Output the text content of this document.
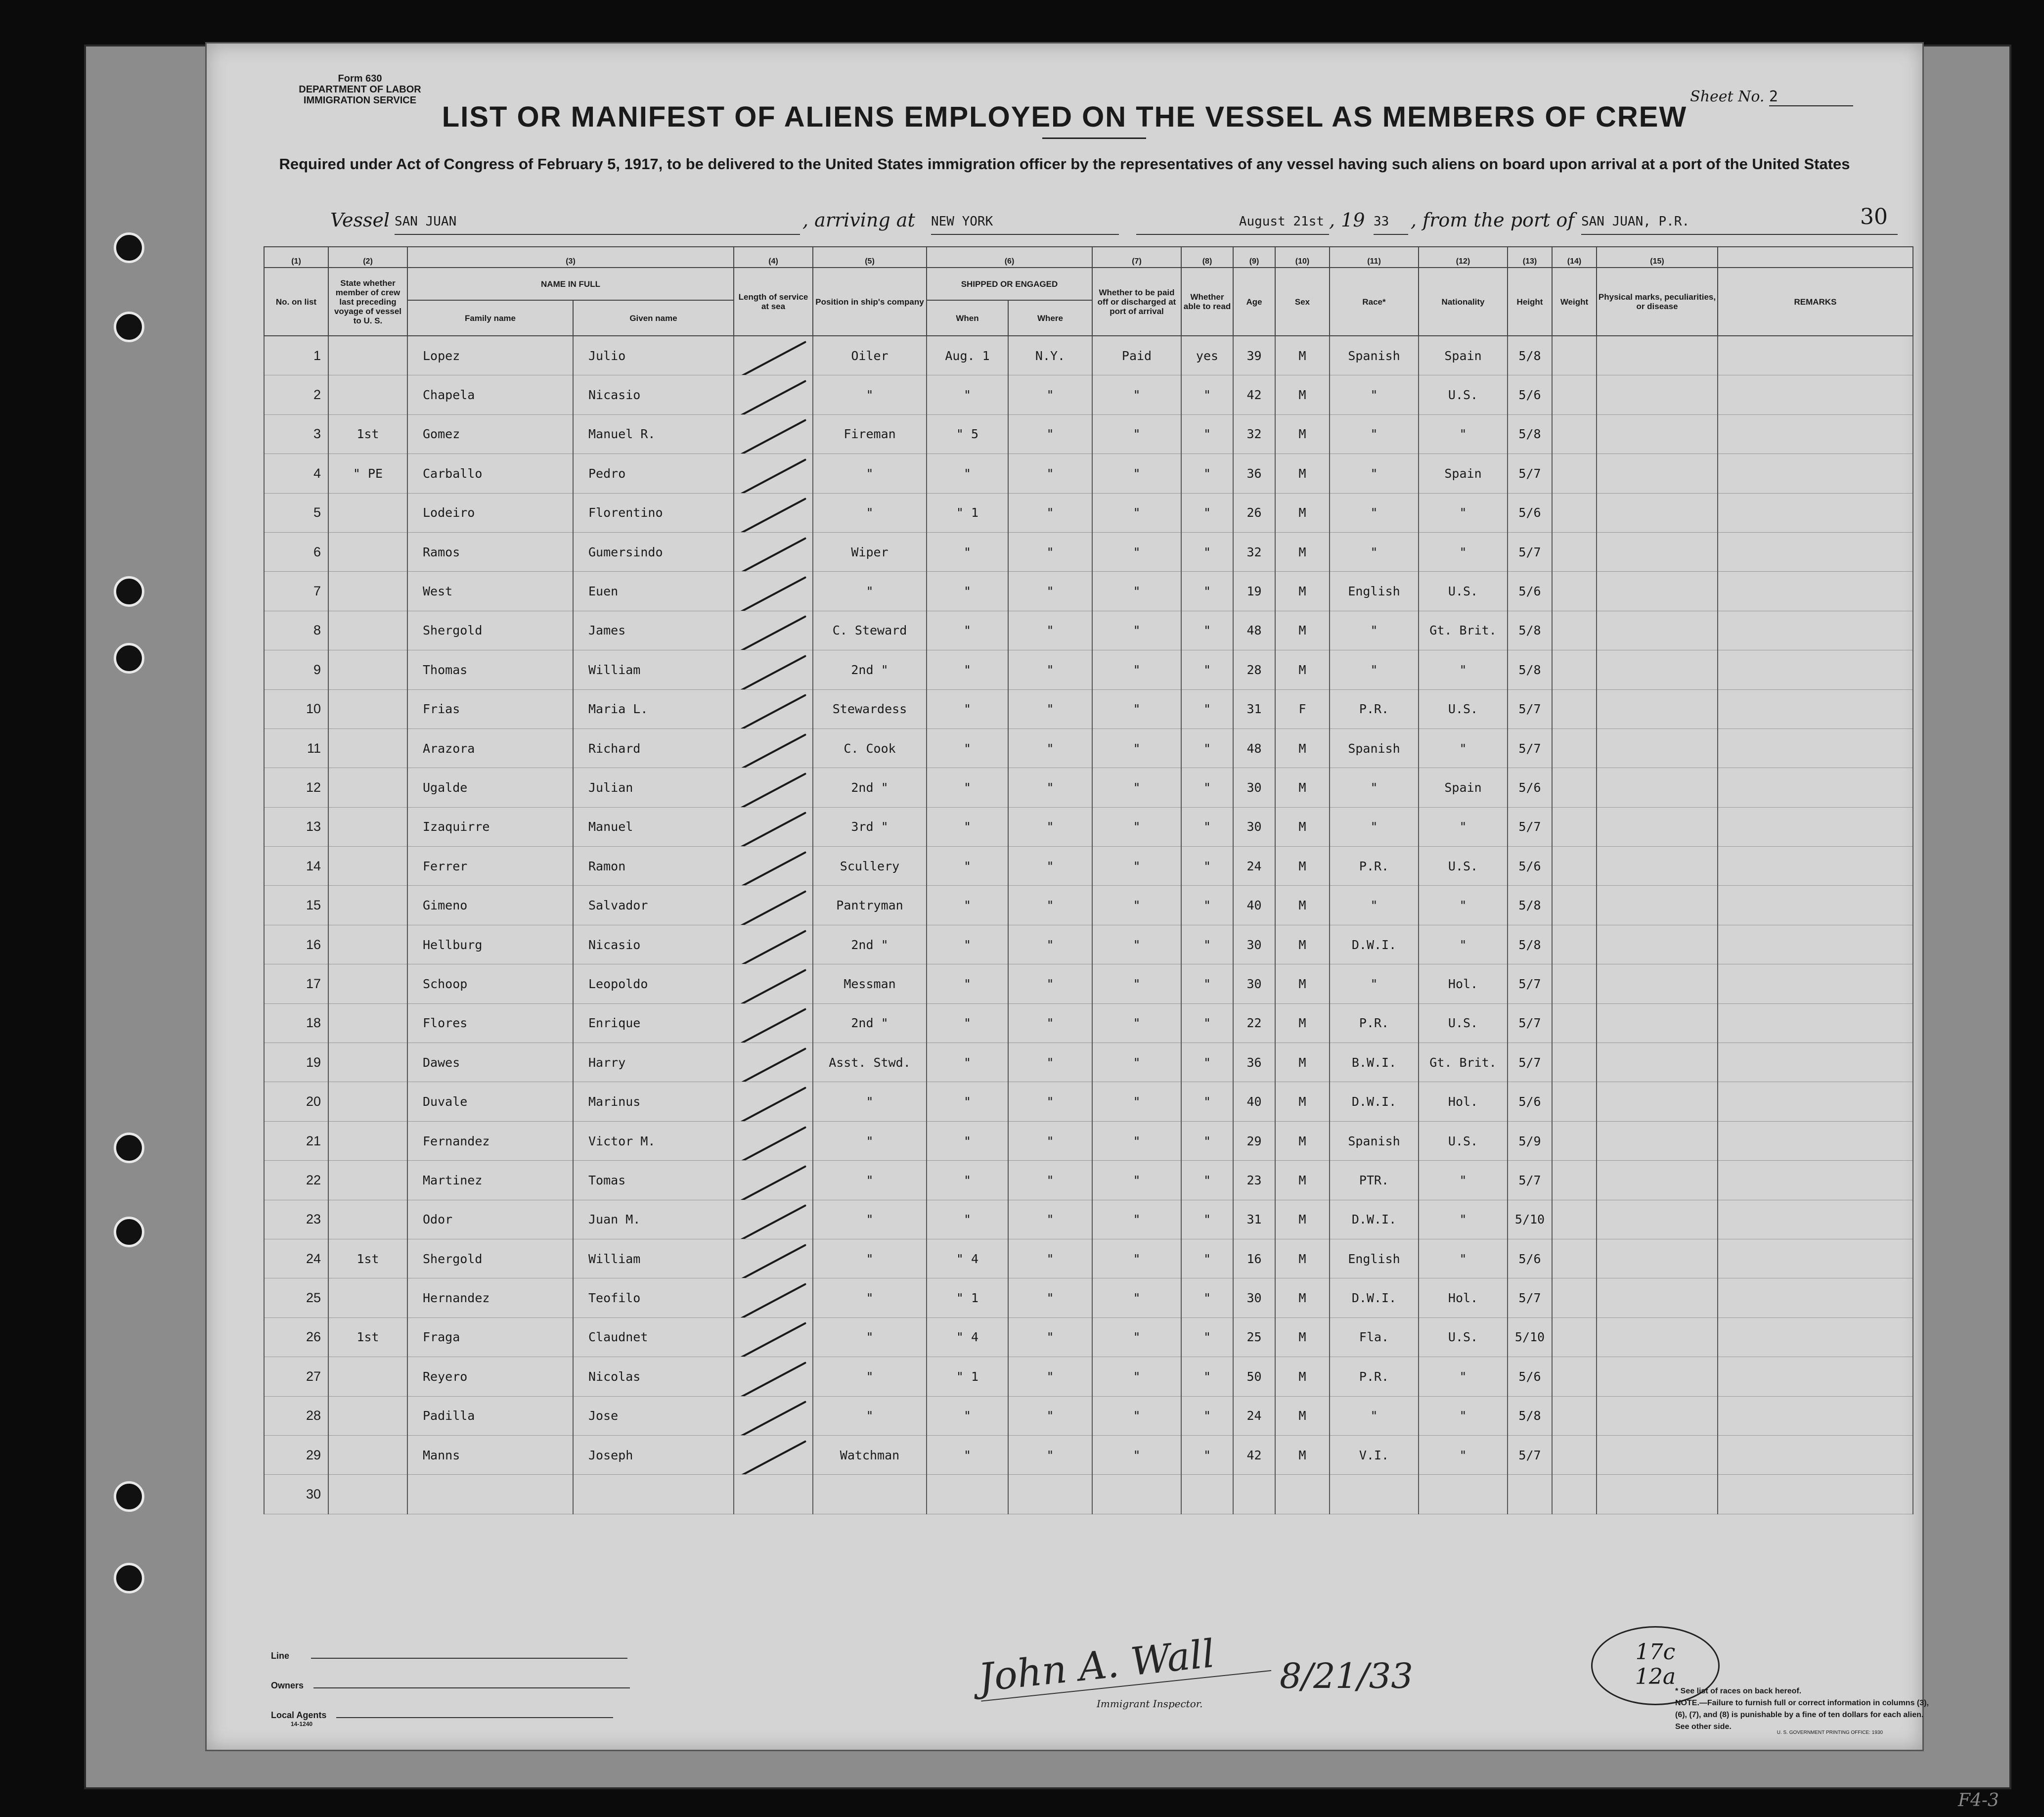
Form 630
DEPARTMENT OF LABOR
IMMIGRATION SERVICE	Sheet No. 2
LIST OR MANIFEST OF ALIENS EMPLOYED ON THE VESSEL AS MEMBERS OF CREW
Required under Act of Congress of February 5, 1917, to be delivered to the United States immigration officer by the representatives of any vessel having such aliens on board upon arrival at a port of the United States
Vessel SAN JUAN	, arriving at NEW YORK	August 21st , 19 33	, from the port of SAN JUAN, P.R.	30
(1)	(2)	(3)		(4)	(5)	(6)		(7)	(8)	(9)	(10)	(11)	(12)	(13)	(14)	(15)	
No. on list	State whether member of crew last preceding voyage of vessel to U. S.	NAME IN FULL		Length of service at sea	Position in ship's company	SHIPPED OR ENGAGED		Whether to be paid off or discharged at port of arrival	Whether able to read	Age	Sex	Race*	Nationality	Height	Weight	Physical marks, peculiarities, or disease	REMARKS
		Family name	Given name			When	Where										
1		Lopez	Julio		Oiler	Aug. 1	N.Y.	Paid	yes	39	M	Spanish	Spain	5/8			
2		Chapela	Nicasio		"	"	"	"	"	42	M	"	U.S.	5/6			
3	1st	Gomez	Manuel R.		Fireman	" 5	"	"	"	32	M	"	"	5/8			
4	" PE	Carballo	Pedro		"	"	"	"	"	36	M	"	Spain	5/7			
5		Lodeiro	Florentino		"	" 1	"	"	"	26	M	"	"	5/6			
6		Ramos	Gumersindo		Wiper	"	"	"	"	32	M	"	"	5/7			
7		West	Euen		"	"	"	"	"	19	M	English	U.S.	5/6			
8		Shergold	James		C. Steward	"	"	"	"	48	M	"	Gt. Brit.	5/8			
9		Thomas	William		2nd "	"	"	"	"	28	M	"	"	5/8			
10		Frias	Maria L.		Stewardess	"	"	"	"	31	F	P.R.	U.S.	5/7			
11		Arazora	Richard		C. Cook	"	"	"	"	48	M	Spanish	"	5/7			
12		Ugalde	Julian		2nd "	"	"	"	"	30	M	"	Spain	5/6			
13		Izaquirre	Manuel		3rd "	"	"	"	"	30	M	"	"	5/7			
14		Ferrer	Ramon		Scullery	"	"	"	"	24	M	P.R.	U.S.	5/6			
15		Gimeno	Salvador		Pantryman	"	"	"	"	40	M	"	"	5/8			
16		Hellburg	Nicasio		2nd "	"	"	"	"	30	M	D.W.I.	"	5/8			
17		Schoop	Leopoldo		Messman	"	"	"	"	30	M	"	Hol.	5/7			
18		Flores	Enrique		2nd "	"	"	"	"	22	M	P.R.	U.S.	5/7			
19		Dawes	Harry		Asst. Stwd.	"	"	"	"	36	M	B.W.I.	Gt. Brit.	5/7			
20		Duvale	Marinus		"	"	"	"	"	40	M	D.W.I.	Hol.	5/6			
21		Fernandez	Victor M.		"	"	"	"	"	29	M	Spanish	U.S.	5/9			
22		Martinez	Tomas		"	"	"	"	"	23	M	PTR.	"	5/7			
23		Odor	Juan M.		"	"	"	"	"	31	M	D.W.I.	"	5/10			
24	1st	Shergold	William		"	" 4	"	"	"	16	M	English	"	5/6			
25		Hernandez	Teofilo		"	" 1	"	"	"	30	M	D.W.I.	Hol.	5/7			
26	1st	Fraga	Claudnet		"	" 4	"	"	"	25	M	Fla.	U.S.	5/10			
27		Reyero	Nicolas		"	" 1	"	"	"	50	M	P.R.	"	5/6			
28		Padilla	Jose		"	"	"	"	"	24	M	"	"	5/8			
29		Manns	Joseph		Watchman	"	"	"	"	42	M	V.I.	"	5/7			
30																	
Line
Owners
Local Agents
14-1240
John A. Wall
Immigrant Inspector.
8/21/33
17c
12a
* See list of races on back hereof.
NOTE.—Failure to furnish full or correct information in columns (3), (6), (7), and (8) is punishable by a fine of ten dollars for each alien. See other side.
U. S. GOVERNMENT PRINTING OFFICE: 1930
F4-3
